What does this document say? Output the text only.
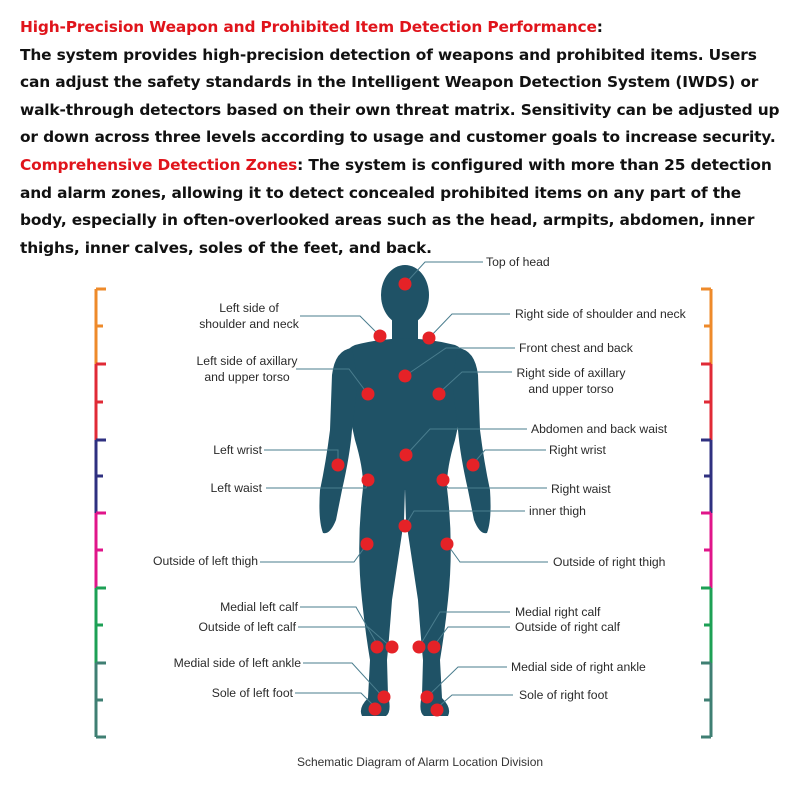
High-Precision Weapon and Prohibited Item Detection Performance:
The system provides high-precision detection of weapons and prohibited items. Users can adjust the safety standards in the Intelligent Weapon Detection System (IWDS) or walk-through detectors based on their own threat matrix. Sensitivity can be adjusted up or down across three levels according to usage and customer goals to increase security.

Comprehensive Detection Zones: The system is configured with more than 25 detection and alarm zones, allowing it to detect concealed prohibited items on any part of the body, especially in often-overlooked areas such as the head, armpits, abdomen, inner thighs, inner calves, soles of the feet, and back.

Top of head
Left side of
shoulder and neck
Right side of shoulder and neck
Front chest and back
Left side of axillary
and upper torso	Right side of axillary
and upper torso
Abdomen and back waist
Left wrist	Right wrist
Left waist	Right waist
inner thigh
Outside of left thigh	Outside of right thigh
Medial left calf
Outside of left calf
Medial right calf
Outside of right calf
Medial side of left ankle	Medial side of right ankle
Sole of left foot	Sole of right foot
Schematic Diagram of Alarm Location Division
